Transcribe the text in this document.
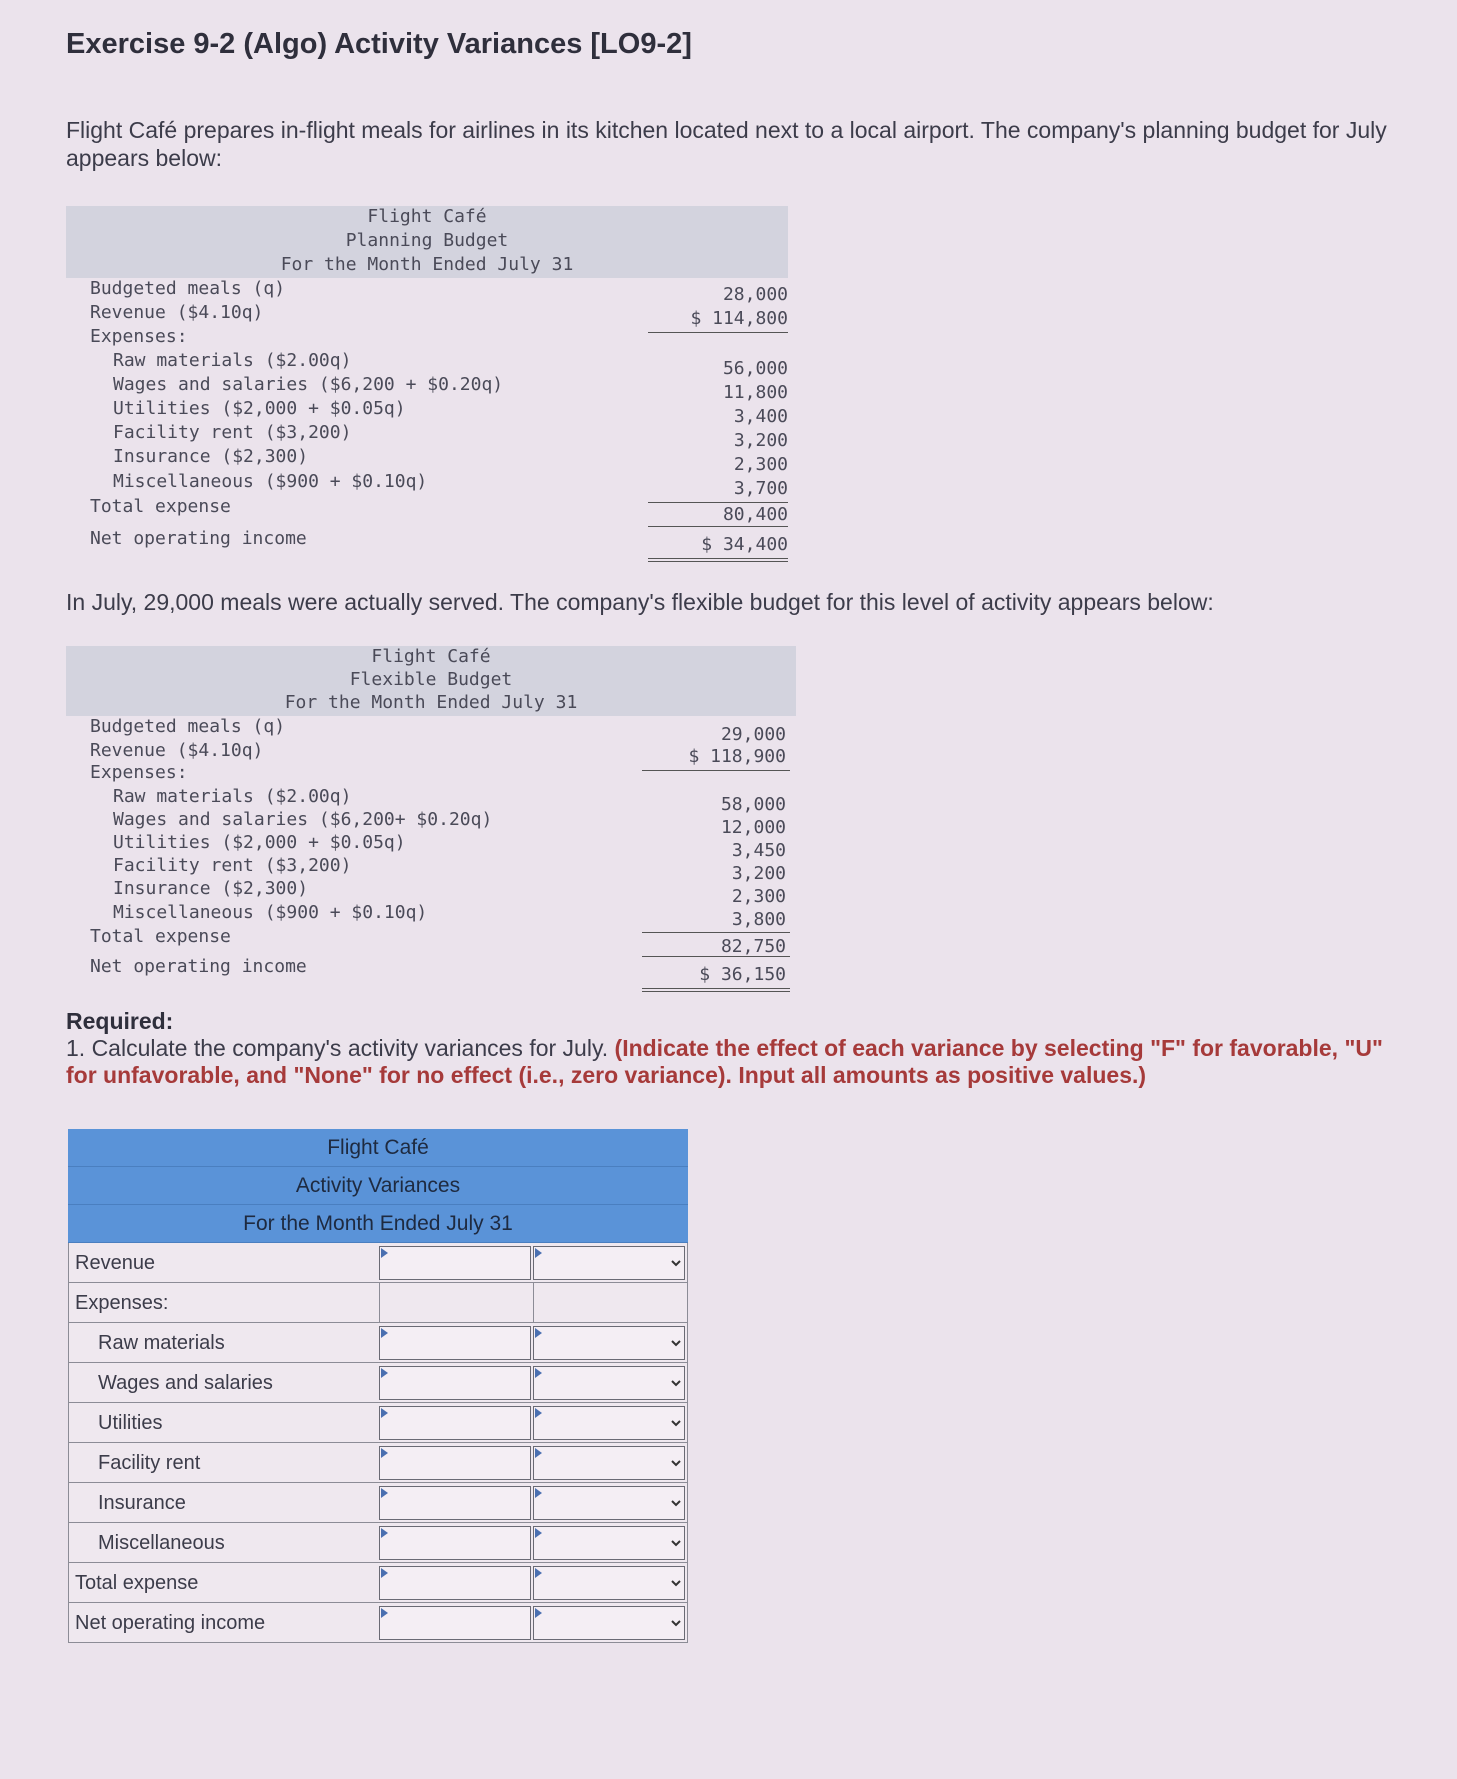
Exercise 9-2 (Algo) Activity Variances [LO9-2]
Flight Café prepares in-flight meals for airlines in its kitchen located next to a local airport. The company's planning budget for July appears below:
Flight Café
Planning Budget
For the Month Ended July 31
Budgeted meals (q)	28,000
Revenue ($4.10q)	$ 114,800
Expenses:
Raw materials ($2.00q)	56,000
Wages and salaries ($6,200 + $0.20q)	11,800
Utilities ($2,000 + $0.05q)	3,400
Facility rent ($3,200)	3,200
Insurance ($2,300)	2,300
Miscellaneous ($900 + $0.10q)	3,700
Total expense	80,400
Net operating income	$ 34,400
In July, 29,000 meals were actually served. The company's flexible budget for this level of activity appears below:
Flight Café
Flexible Budget
For the Month Ended July 31
Budgeted meals (q)	29,000
Revenue ($4.10q)	$ 118,900
Expenses:
Raw materials ($2.00q)	58,000
Wages and salaries ($6,200+ $0.20q)	12,000
Utilities ($2,000 + $0.05q)	3,450
Facility rent ($3,200)	3,200
Insurance ($2,300)	2,300
Miscellaneous ($900 + $0.10q)	3,800
Total expense	82,750
Net operating income	$ 36,150
Required:
1. Calculate the company's activity variances for July. (Indicate the effect of each variance by selecting "F" for favorable, "U" for unfavorable, and "None" for no effect (i.e., zero variance). Input all amounts as positive values.)
Flight Café
Activity Variances
For the Month Ended July 31
Revenue
Expenses:
Raw materials
Wages and salaries
Utilities
Facility rent
Insurance
Miscellaneous
Total expense
Net operating income
